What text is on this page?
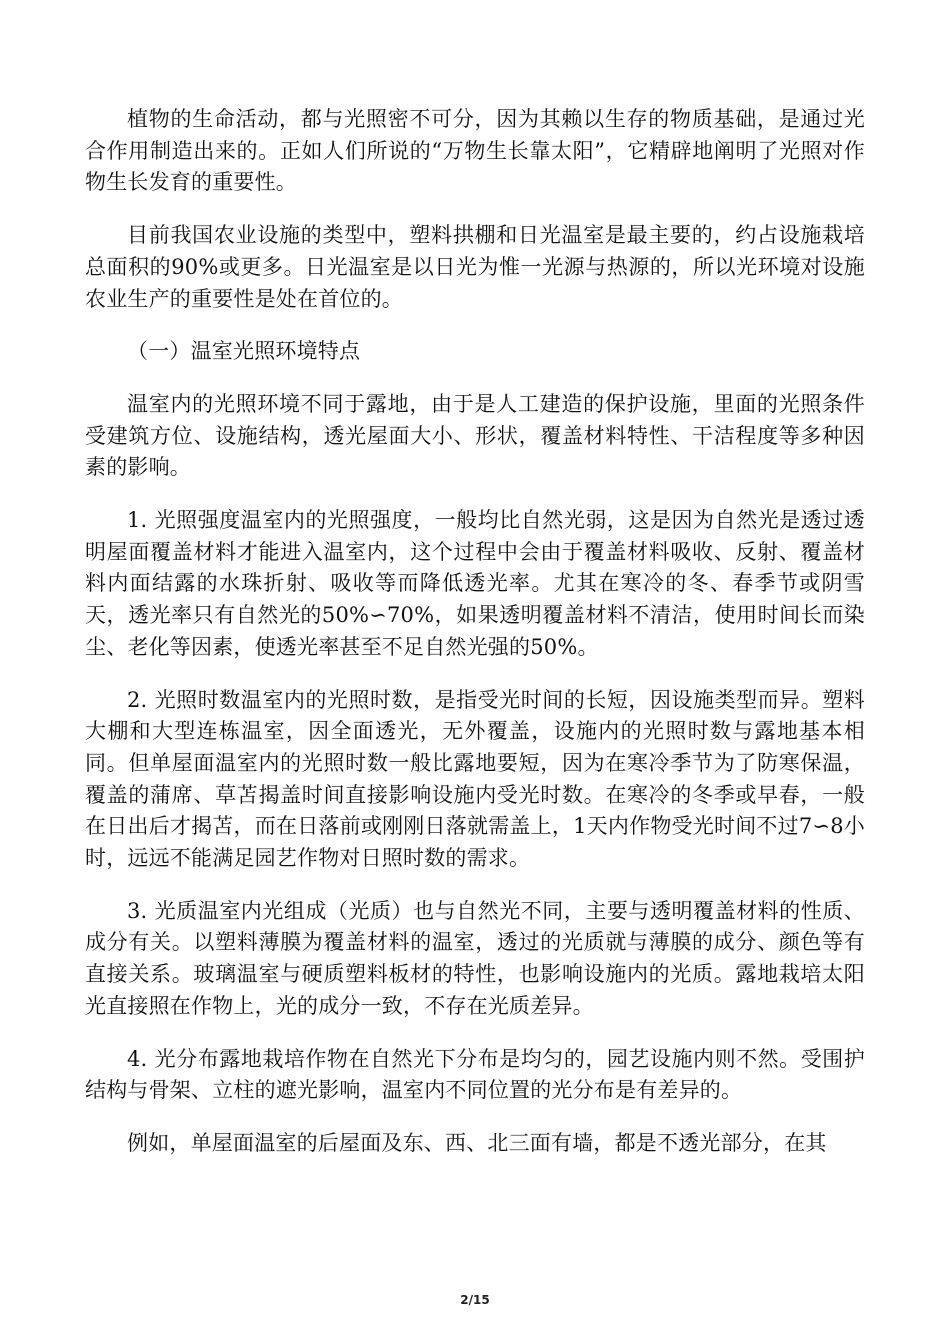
植物的生命活动，都与光照密不可分，因为其赖以生存的物质基础，是通过光合作用制造出来的。正如人们所说的“万物生长靠太阳”，它精辟地阐明了光照对作物生长发育的重要性。

目前我国农业设施的类型中，塑料拱棚和日光温室是最主要的，约占设施栽培总面积的90%或更多。日光温室是以日光为惟一光源与热源的，所以光环境对设施农业生产的重要性是处在首位的。

（一）温室光照环境特点

温室内的光照环境不同于露地，由于是人工建造的保护设施，里面的光照条件受建筑方位、设施结构，透光屋面大小、形状，覆盖材料特性、干洁程度等多种因素的影响。

1. 光照强度温室内的光照强度，一般均比自然光弱，这是因为自然光是透过透明屋面覆盖材料才能进入温室内，这个过程中会由于覆盖材料吸收、反射、覆盖材料内面结露的水珠折射、吸收等而降低透光率。尤其在寒冷的冬、春季节或阴雪天，透光率只有自然光的50%∽70%，如果透明覆盖材料不清洁，使用时间长而染尘、老化等因素，使透光率甚至不足自然光强的50%。

2. 光照时数温室内的光照时数，是指受光时间的长短，因设施类型而异。塑料大棚和大型连栋温室，因全面透光，无外覆盖，设施内的光照时数与露地基本相同。但单屋面温室内的光照时数一般比露地要短，因为在寒冷季节为了防寒保温，覆盖的蒲席、草苫揭盖时间直接影响设施内受光时数。在寒冷的冬季或早春，一般在日出后才揭苫，而在日落前或刚刚日落就需盖上，1天内作物受光时间不过7∽8小时，远远不能满足园艺作物对日照时数的需求。

3. 光质温室内光组成（光质）也与自然光不同，主要与透明覆盖材料的性质、成分有关。以塑料薄膜为覆盖材料的温室，透过的光质就与薄膜的成分、颜色等有直接关系。玻璃温室与硬质塑料板材的特性，也影响设施内的光质。露地栽培太阳光直接照在作物上，光的成分一致，不存在光质差异。

4. 光分布露地栽培作物在自然光下分布是均匀的，园艺设施内则不然。受围护结构与骨架、立柱的遮光影响，温室内不同位置的光分布是有差异的。

例如，单屋面温室的后屋面及东、西、北三面有墙，都是不透光部分，在其

2/15
